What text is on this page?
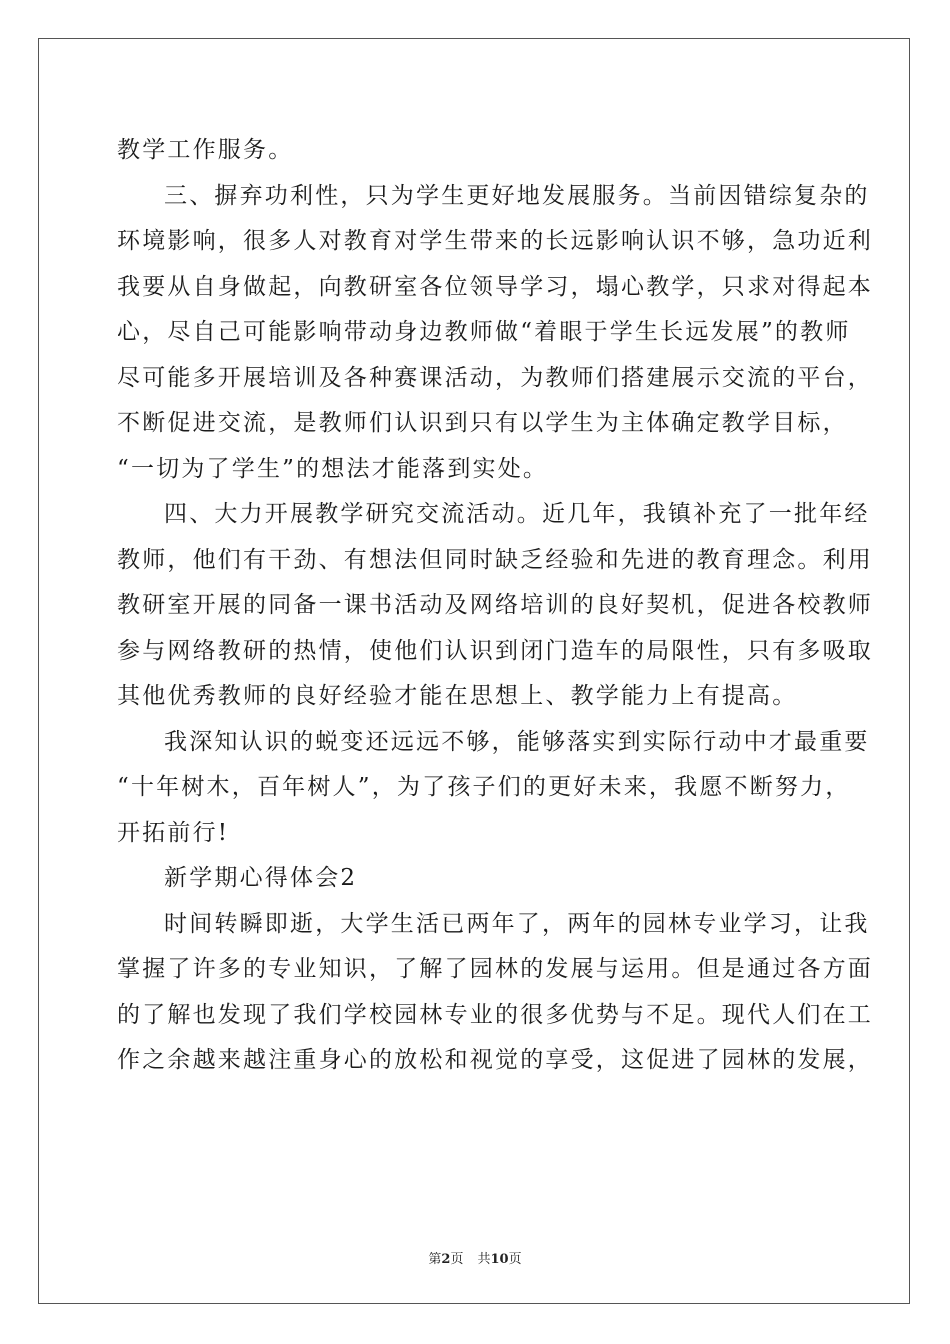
教学工作服务。
三、摒弃功利性，只为学生更好地发展服务。当前因错综复杂的
环境影响，很多人对教育对学生带来的长远影响认识不够，急功近利
我要从自身做起，向教研室各位领导学习，塌心教学，只求对得起本
心，尽自己可能影响带动身边教师做“着眼于学生长远发展”的教师
尽可能多开展培训及各种赛课活动，为教师们搭建展示交流的平台，
不断促进交流，是教师们认识到只有以学生为主体确定教学目标，
“一切为了学生”的想法才能落到实处。
四、大力开展教学研究交流活动。近几年，我镇补充了一批年经
教师，他们有干劲、有想法但同时缺乏经验和先进的教育理念。利用
教研室开展的同备一课书活动及网络培训的良好契机，促进各校教师
参与网络教研的热情，使他们认识到闭门造车的局限性，只有多吸取
其他优秀教师的良好经验才能在思想上、教学能力上有提高。
我深知认识的蜕变还远远不够，能够落实到实际行动中才最重要
“十年树木，百年树人”，为了孩子们的更好未来，我愿不断努力，
开拓前行!
新学期心得体会2
时间转瞬即逝，大学生活已两年了，两年的园林专业学习，让我
掌握了许多的专业知识，了解了园林的发展与运用。但是通过各方面
的了解也发现了我们学校园林专业的很多优势与不足。现代人们在工
作之余越来越注重身心的放松和视觉的享受，这促进了园林的发展，
第2页 共10页
